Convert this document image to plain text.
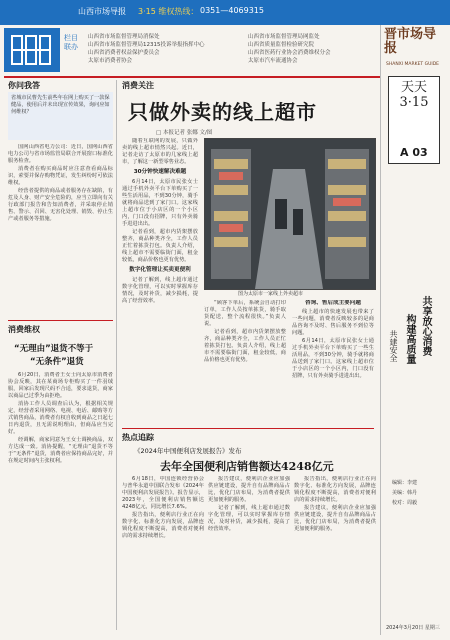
山西市场导报 3·15 维权热线： 0351—4069315
栏目联办
山西省市场监督管理局消保处
山西省市场监督管理局12315投诉举报指挥中心
山西省消费者权益保护委员会
太原市消费者协会
山西省市场监督管理局网监处
山西省质量监督检验研究院
山西省医药行业协会消费维权分会
太原市汽车流通协会
你问我答
省城市民曹先生前些年在网上购买了一款保健品，使用后并未出现宣传效果，询问应如何维权？

国网山西省电力公司：近日，国网山西省电力公司与省市场监管局联合开展窗口标准化服务检查。

消费者在购买商品时应注意查看商品标识，索要并保存购物凭证，发生纠纷时可依法维权。

经营者提供的商品或者服务存在缺陷，有危及人身、财产安全危险的，应当立即向有关行政部门报告和告知消费者，并采取停止销售、警示、召回、无害化处理、销毁、停止生产或者服务等措施。

消费维权
“无理由”退货不等于
“无条件”退货

6月20日，消费者王女士向太原市消费者协会反映，其在某商场专柜购买了一件羽绒服，回家后发现尺码不合适，要求退货，商家以商品已过季为由拒绝。

消协工作人员调查后认为，根据相关规定，经营者采用网络、电视、电话、邮购等方式销售商品，消费者有权自收到商品之日起七日内退货，且无需说明理由，但商品应当完好。

经调解，商家同意为王女士调换商品，双方达成一致。消协提醒，“无理由”退货不等于“无条件”退货，消费者应保持商品完好，并在规定时间内主张权利。

消费关注
只做外卖的线上超市
□ 本报记者 张娜 文/图

随着互联网的发展，只做外卖的线上超市悄然兴起。近日，记者走访了太原市的几家线上超市，了解这一新型零售业态。

30分钟快速解决难题

6月14日，太原市民张女士通过手机外卖平台下单购买了一些生活用品，不到30分钟，骑手就将商品送到了家门口。这家线上超市位于小店区的一个小区内，门口没有招牌，只有外卖骑手进进出出。

记者看到，超市内货架摆放整齐，商品种类齐全，工作人员正忙着拣货打包。负责人介绍，线上超市不需要临街门面，租金较低，商品价格也更有优势。

数字化管理让买卖更便利

记者了解到，线上超市通过数字化管理，可以实时掌握库存情况，及时补货，减少损耗，提高了经营效率。

图为太原市一家线上外卖超市

“顾客下单后，系统会自动打印订单，工作人员按单拣货，骑手取货配送，整个流程很快。”负责人说。

记者看到，超市内货架摆放整齐，商品种类齐全，工作人员正忙着拣货打包。负责人介绍，线上超市不需要临街门面，租金较低，商品价格也更有优势。

咨询、售后成主要问题

线上超市的快速发展也带来了一些问题，消费者反映较多的是商品咨询不及时、售后服务不到位等问题。

6月14日，太原市民张女士通过手机外卖平台下单购买了一些生活用品，不到30分钟，骑手就将商品送到了家门口。这家线上超市位于小店区的一个小区内，门口没有招牌，只有外卖骑手进进出出。

热点追踪
《2024年中国便利店发展报告》发布
去年全国便利店销售额达4248亿元

6月18日，中国连锁经营协会与普华永道中国联合发布《2024年中国便利店发展报告》。报告显示，2023年，全国便利店销售额达4248亿元，同比增长7.6%。

报告指出，便利店行业正在向数字化、标准化方向发展，品牌连锁化程度不断提高，消费者对便利店的需求持续增长。

报告建议，便利店企业应加强供应链建设，提升自有品牌商品占比，优化门店布局，为消费者提供更加便利的服务。

记者了解到，线上超市通过数字化管理，可以实时掌握库存情况，及时补货，减少损耗，提高了经营效率。

报告指出，便利店行业正在向数字化、标准化方向发展，品牌连锁化程度不断提高，消费者对便利店的需求持续增长。

报告建议，便利店企业应加强供应链建设，提升自有品牌商品占比，优化门店布局，为消费者提供更加便利的服务。

晋市场导报
SHANXI MARKET GUIDE
天天3·15
A 03
共享放心消费
构建高质量
共建安全
编辑：李建
美编：韩丹
校对：周毅
2024年3月20日 星期三
